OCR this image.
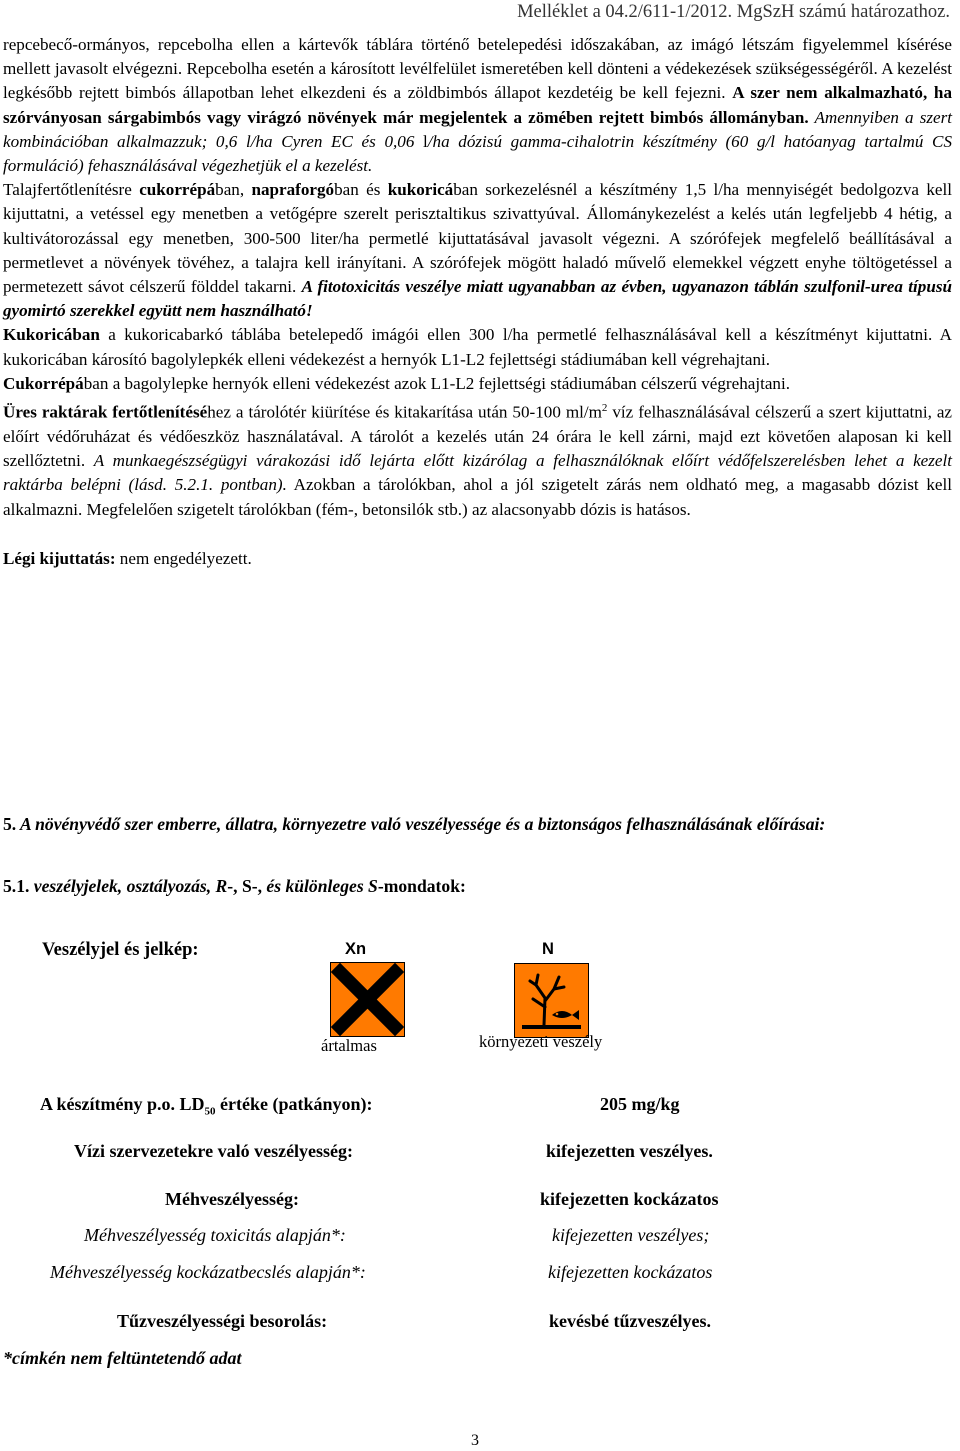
Melléklet a 04.2/611-1/2012. MgSzH számú határozathoz.

repcebecő-ormányos, repcebolha ellen a kártevők táblára történő betelepedési időszakában, az imágó létszám figyelemmel kísérése mellett javasolt elvégezni. Repcebolha esetén a károsított levélfelület ismeretében kell dönteni a védekezések szükségességéről. A kezelést legkésőbb rejtett bimbós állapotban lehet elkezdeni és a zöldbimbós állapot kezdetéig be kell fejezni. A szer nem alkalmazható, ha szórványosan sárgabimbós vagy virágzó növények már megjelentek a zömében rejtett bimbós állományban. Amennyiben a szert kombinációban alkalmazzuk; 0,6 l/ha Cyren EC és 0,06 l/ha dózisú gamma-cihalotrin készítmény (60 g/l hatóanyag tartalmú CS formuláció) fehasználásával végezhetjük el a kezelést.

Talajfertőtlenítésre cukorrépában, napraforgóban és kukoricában sorkezelésnél a készítmény 1,5 l/ha mennyiségét bedolgozva kell kijuttatni, a vetéssel egy menetben a vetőgépre szerelt perisztaltikus szivattyúval. Állománykezelést a kelés után legfeljebb 4 hétig, a kultivátorozással egy menetben, 300-500 liter/ha permetlé kijuttatásával javasolt végezni. A szórófejek megfelelő beállításával a permetlevet a növények tövéhez, a talajra kell irányítani. A szórófejek mögött haladó művelő elemekkel végzett enyhe töltögetéssel a permetezett sávot célszerű földdel takarni. A fitotoxicitás veszélye miatt ugyanabban az évben, ugyanazon táblán szulfonil-urea típusú gyomirtó szerekkel együtt nem használható!

Kukoricában a kukoricabarkó táblába betelepedő imágói ellen 300 l/ha permetlé felhasználásával kell a készítményt kijuttatni. A kukoricában károsító bagolylepkék elleni védekezést a hernyók L1-L2 fejlettségi stádiumában kell végrehajtani.

Cukorrépában a bagolylepke hernyók elleni védekezést azok L1-L2 fejlettségi stádiumában célszerű végrehajtani.

Üres raktárak fertőtlenítéséhez a tárolótér kiürítése és kitakarítása után 50-100 $ml/m^2$ víz felhasználásával célszerű a szert kijuttatni, az előírt védőruházat és védőeszköz használatával. A tárolót a kezelés után 24 órára le kell zárni, majd ezt követően alaposan ki kell szellőztetni. A munkaegészségügyi várakozási idő lejárta előtt kizárólag a felhasználóknak előírt védőfelszerelésben lehet a kezelt raktárba belépni (lásd. 5.2.1. pontban). Azokban a tárolókban, ahol a jól szigetelt zárás nem oldható meg, a magasabb dózist kell alkalmazni. Megfelelően szigetelt tárolókban (fém-, betonsilók stb.) az alacsonyabb dózis is hatásos.

Légi kijuttatás: nem engedélyezett.

5. A növényvédő szer emberre, állatra, környezetre való veszélyessége és a biztonságos felhasználásának előírásai:
5.1. veszélyjelek, osztályozás, R-, S-, és különleges S-mondatok:
Veszélyjel és jelkép:	Xn	N
ártalmas	környezeti veszély
A készítmény p.o. $LD_{50}$ értéke (patkányon):	205 mg/kg
Vízi szervezetekre való veszélyesség:	kifejezetten veszélyes.
Méhveszélyesség:	kifejezetten kockázatos
Méhveszélyesség toxicitás alapján*:	kifejezetten veszélyes;
Méhveszélyesség kockázatbecslés alapján*:	kifejezetten kockázatos
Tűzveszélyességi besorolás:	kevésbé tűzveszélyes.
*címkén nem feltüntetendő adat
3
